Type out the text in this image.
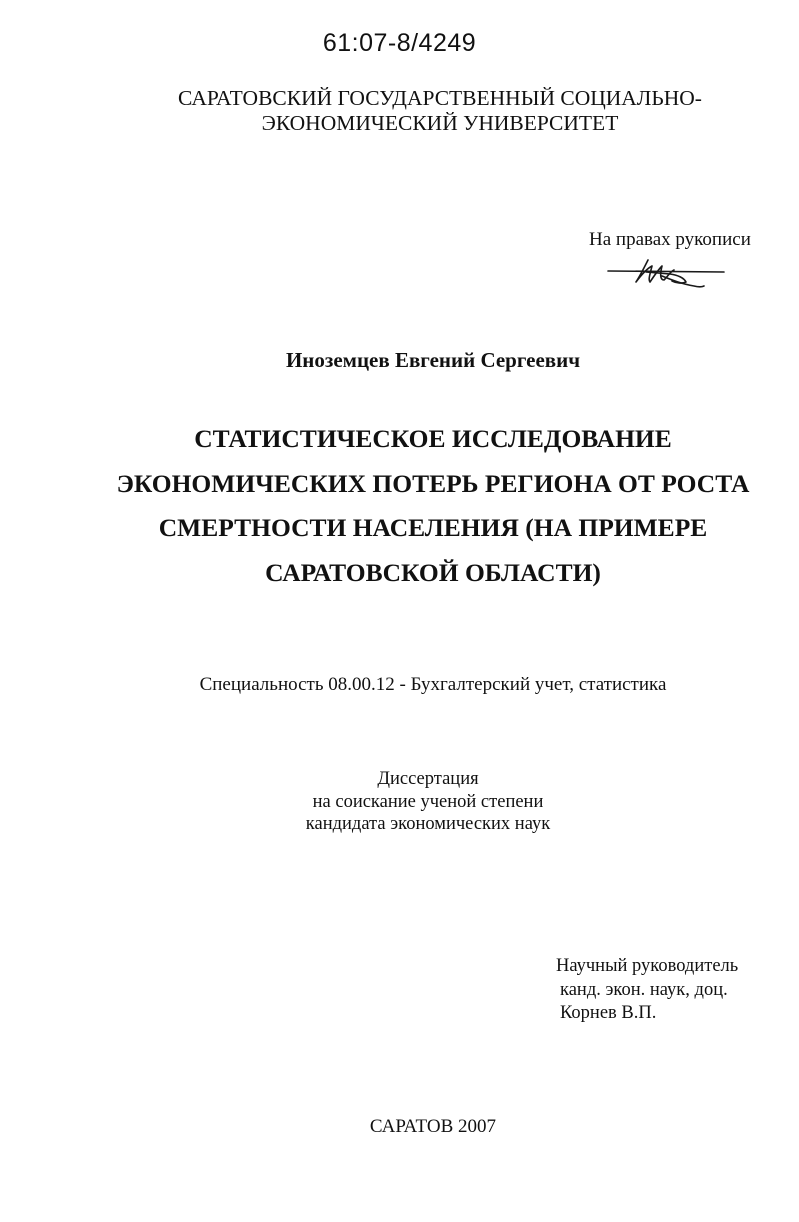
61:07-8/4249
САРАТОВСКИЙ ГОСУДАРСТВЕННЫЙ СОЦИАЛЬНО-
ЭКОНОМИЧЕСКИЙ УНИВЕРСИТЕТ
На правах рукописи
Иноземцев Евгений Сергеевич
СТАТИСТИЧЕСКОЕ ИССЛЕДОВАНИЕ
ЭКОНОМИЧЕСКИХ ПОТЕРЬ РЕГИОНА ОТ РОСТА
СМЕРТНОСТИ НАСЕЛЕНИЯ (НА ПРИМЕРЕ
САРАТОВСКОЙ ОБЛАСТИ)
Специальность 08.00.12 - Бухгалтерский учет, статистика
Диссертация
на соискание ученой степени
кандидата экономических наук
Научный руководитель
канд. экон. наук, доц.
Корнев В.П.
САРАТОВ 2007
